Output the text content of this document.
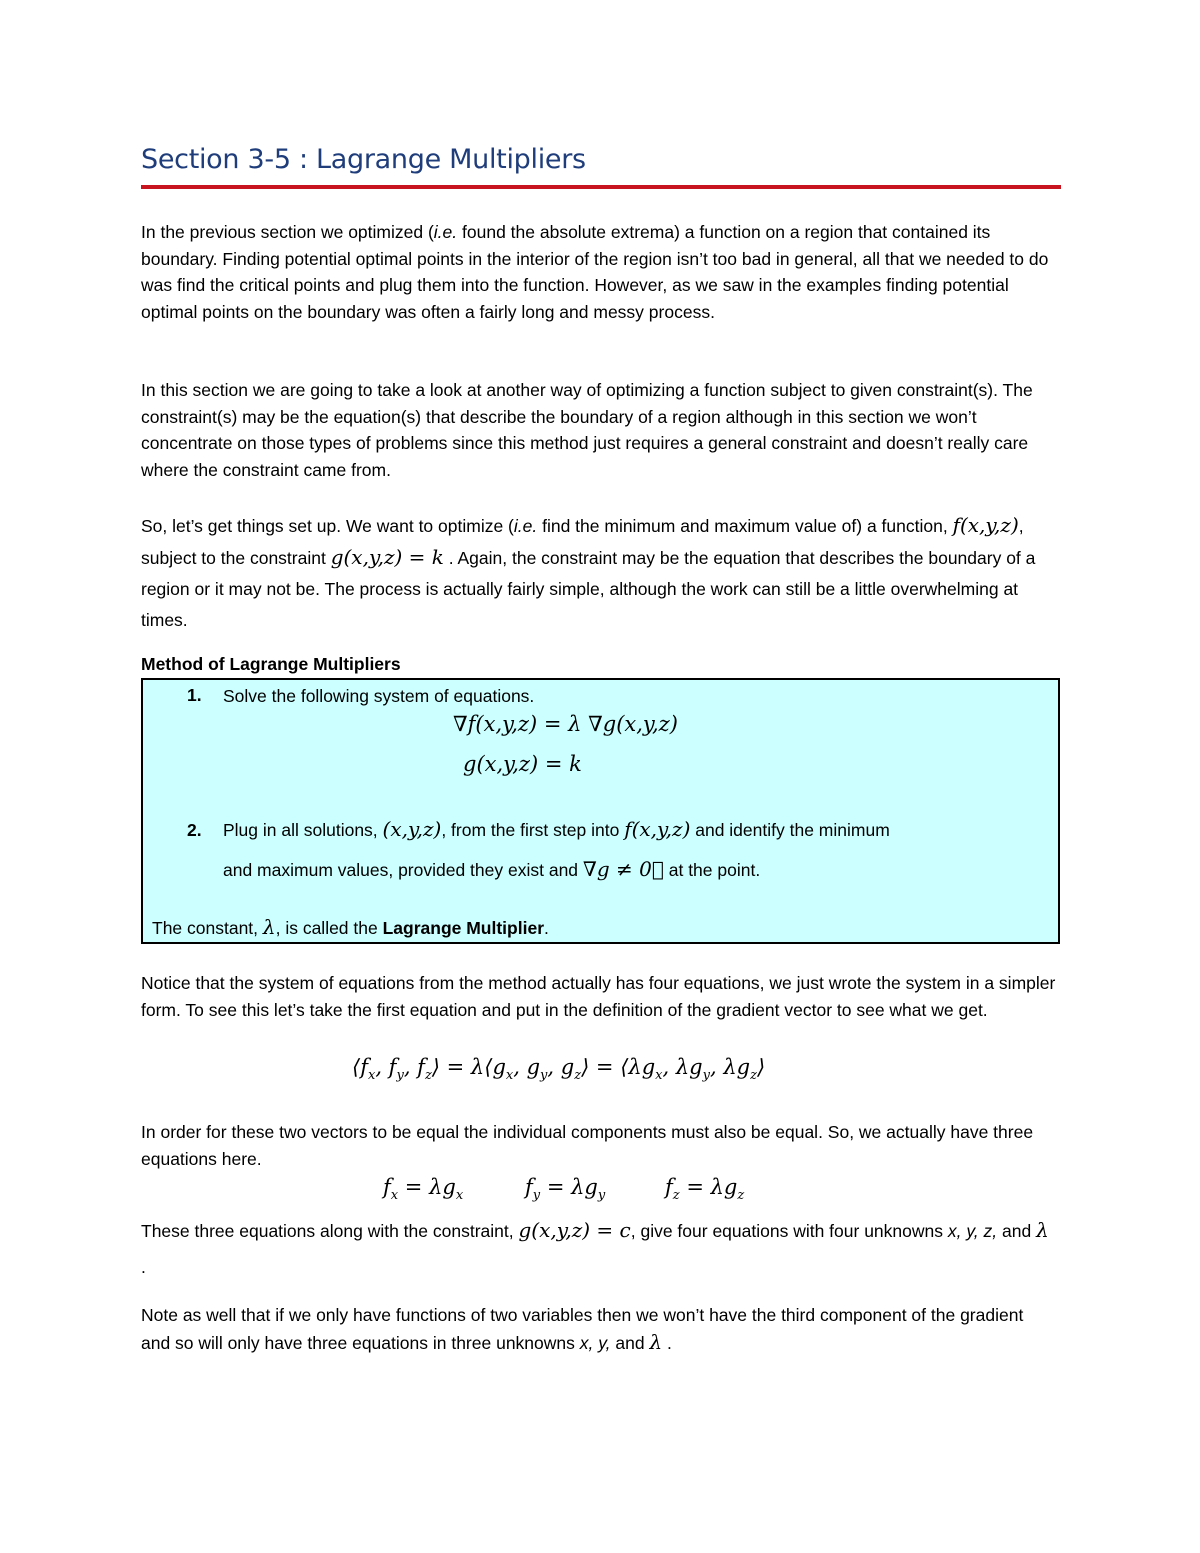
Section 3-5 : Lagrange Multipliers

In the previous section we optimized (i.e. found the absolute extrema) a function on a region that contained its boundary. Finding potential optimal points in the interior of the region isn’t too bad in general, all that we needed to do was find the critical points and plug them into the function. However, as we saw in the examples finding potential optimal points on the boundary was often a fairly long and messy process.

In this section we are going to take a look at another way of optimizing a function subject to given constraint(s). The constraint(s) may be the equation(s) that describe the boundary of a region although in this section we won’t concentrate on those types of problems since this method just requires a general constraint and doesn’t really care where the constraint came from.

So, let’s get things set up. We want to optimize (i.e. find the minimum and maximum value of) a function, f(x,y,z), subject to the constraint g(x,y,z) = k . Again, the constraint may be the equation that describes the boundary of a region or it may not be. The process is actually fairly simple, although the work can still be a little overwhelming at times.

Method of Lagrange Multipliers
1. Solve the following system of equations.
∇f(x,y,z) = λ ∇g(x,y,z)
g(x,y,z) = k
2. Plug in all solutions, (x,y,z), from the first step into f(x,y,z) and identify the minimum
and maximum values, provided they exist and ∇g ≠ 0⃗ at the point.
The constant, λ, is called the Lagrange Multiplier.

Notice that the system of equations from the method actually has four equations, we just wrote the system in a simpler form. To see this let’s take the first equation and put in the definition of the gradient vector to see what we get.

$⟨f_x$, $f_y$, $f_z⟩$ = $\lambda⟨g_x$, $g_y$, $g_z⟩$ = $⟨\lambda g_x$, $\lambda g_y$, $\lambda g_z⟩$

In order for these two vectors to be equal the individual components must also be equal. So, we actually have three equations here.

$f_x = \lambda g_x$	$f_y = \lambda g_y$	$f_z = \lambda g_z$

These three equations along with the constraint, g(x,y,z) = c, give four equations with four unknowns x, y, z, and λ .

Note as well that if we only have functions of two variables then we won’t have the third component of the gradient and so will only have three equations in three unknowns x, y, and λ .
